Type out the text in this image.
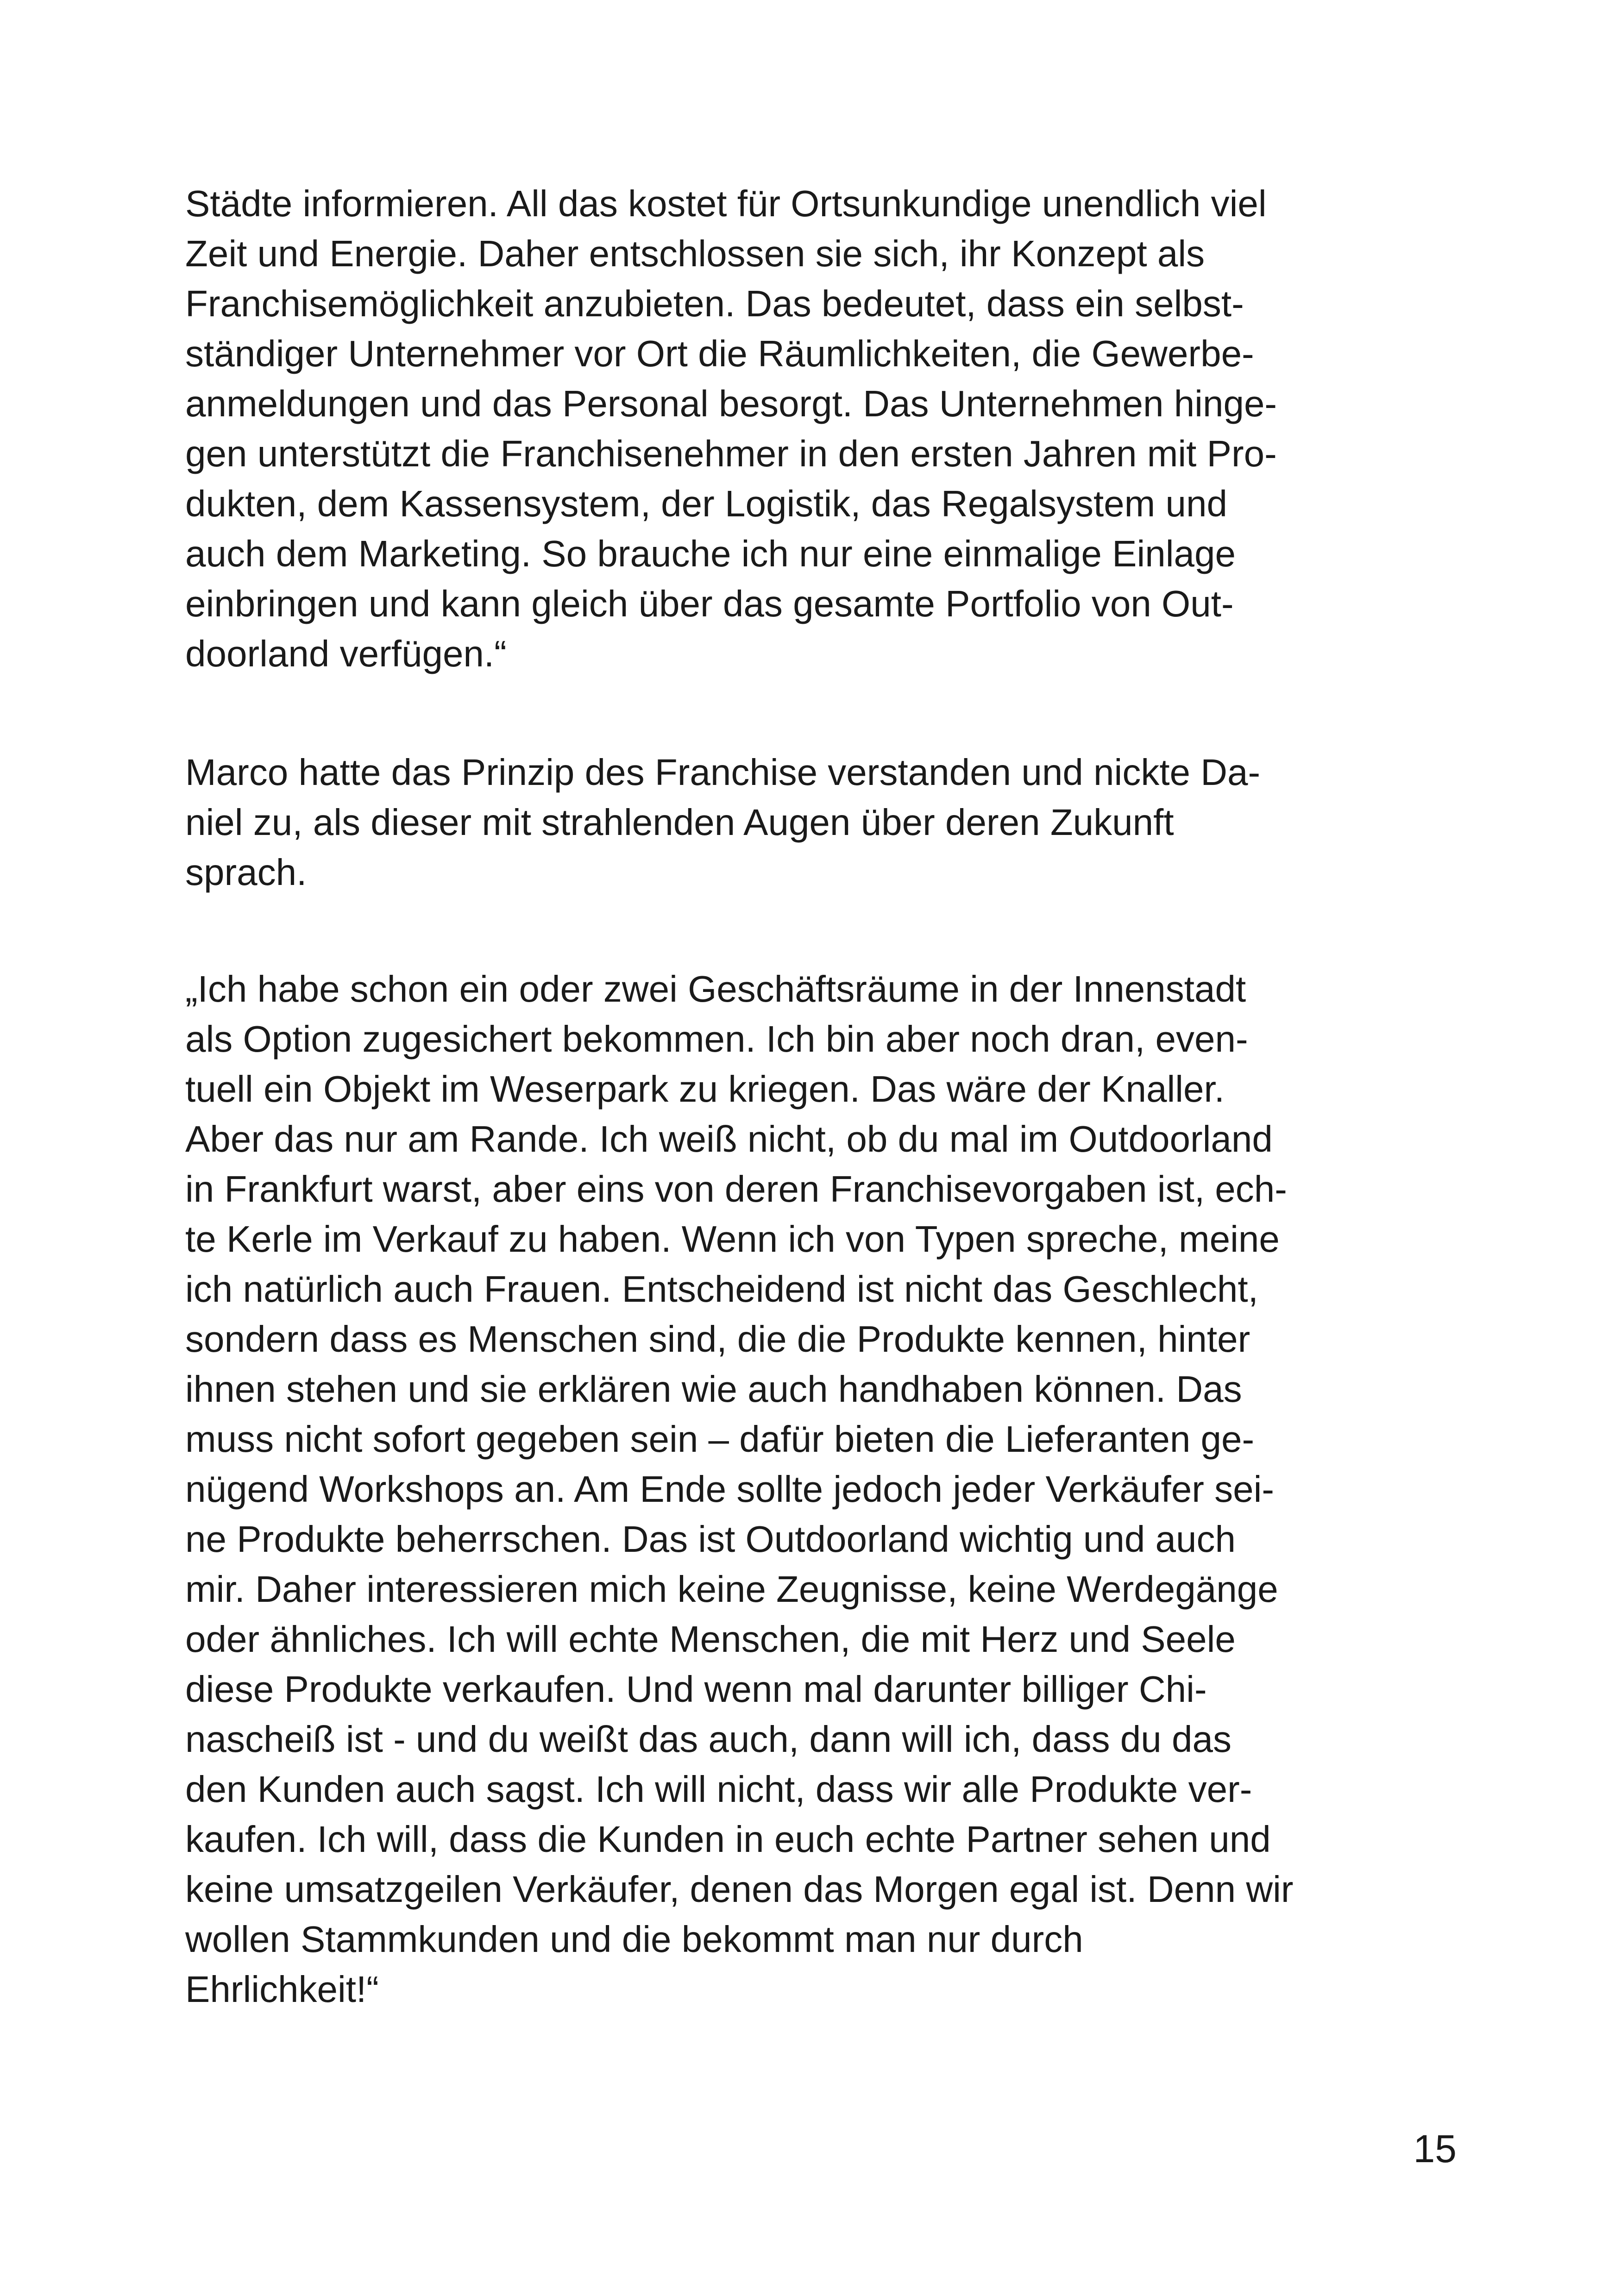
Städte informieren. All das kostet für Ortsunkundige unendlich viel
Zeit und Energie. Daher entschlossen sie sich, ihr Konzept als
Franchisemöglichkeit anzubieten. Das bedeutet, dass ein selbst-
ständiger Unternehmer vor Ort die Räumlichkeiten, die Gewerbe-
anmeldungen und das Personal besorgt. Das Unternehmen hinge-
gen unterstützt die Franchisenehmer in den ersten Jahren mit Pro-
dukten, dem Kassensystem, der Logistik, das Regalsystem und
auch dem Marketing. So brauche ich nur eine einmalige Einlage
einbringen und kann gleich über das gesamte Portfolio von Out-
doorland verfügen.“
Marco hatte das Prinzip des Franchise verstanden und nickte Da-
niel zu, als dieser mit strahlenden Augen über deren Zukunft
sprach.
„Ich habe schon ein oder zwei Geschäftsräume in der Innenstadt
als Option zugesichert bekommen. Ich bin aber noch dran, even-
tuell ein Objekt im Weserpark zu kriegen. Das wäre der Knaller.
Aber das nur am Rande. Ich weiß nicht, ob du mal im Outdoorland
in Frankfurt warst, aber eins von deren Franchisevorgaben ist, ech-
te Kerle im Verkauf zu haben. Wenn ich von Typen spreche, meine
ich natürlich auch Frauen. Entscheidend ist nicht das Geschlecht,
sondern dass es Menschen sind, die die Produkte kennen, hinter
ihnen stehen und sie erklären wie auch handhaben können. Das
muss nicht sofort gegeben sein – dafür bieten die Lieferanten ge-
nügend Workshops an. Am Ende sollte jedoch jeder Verkäufer sei-
ne Produkte beherrschen. Das ist Outdoorland wichtig und auch
mir. Daher interessieren mich keine Zeugnisse, keine Werdegänge
oder ähnliches. Ich will echte Menschen, die mit Herz und Seele
diese Produkte verkaufen. Und wenn mal darunter billiger Chi-
nascheiß ist - und du weißt das auch, dann will ich, dass du das
den Kunden auch sagst. Ich will nicht, dass wir alle Produkte ver-
kaufen. Ich will, dass die Kunden in euch echte Partner sehen und
keine umsatzgeilen Verkäufer, denen das Morgen egal ist. Denn wir
wollen Stammkunden und die bekommt man nur durch
Ehrlichkeit!“
15
